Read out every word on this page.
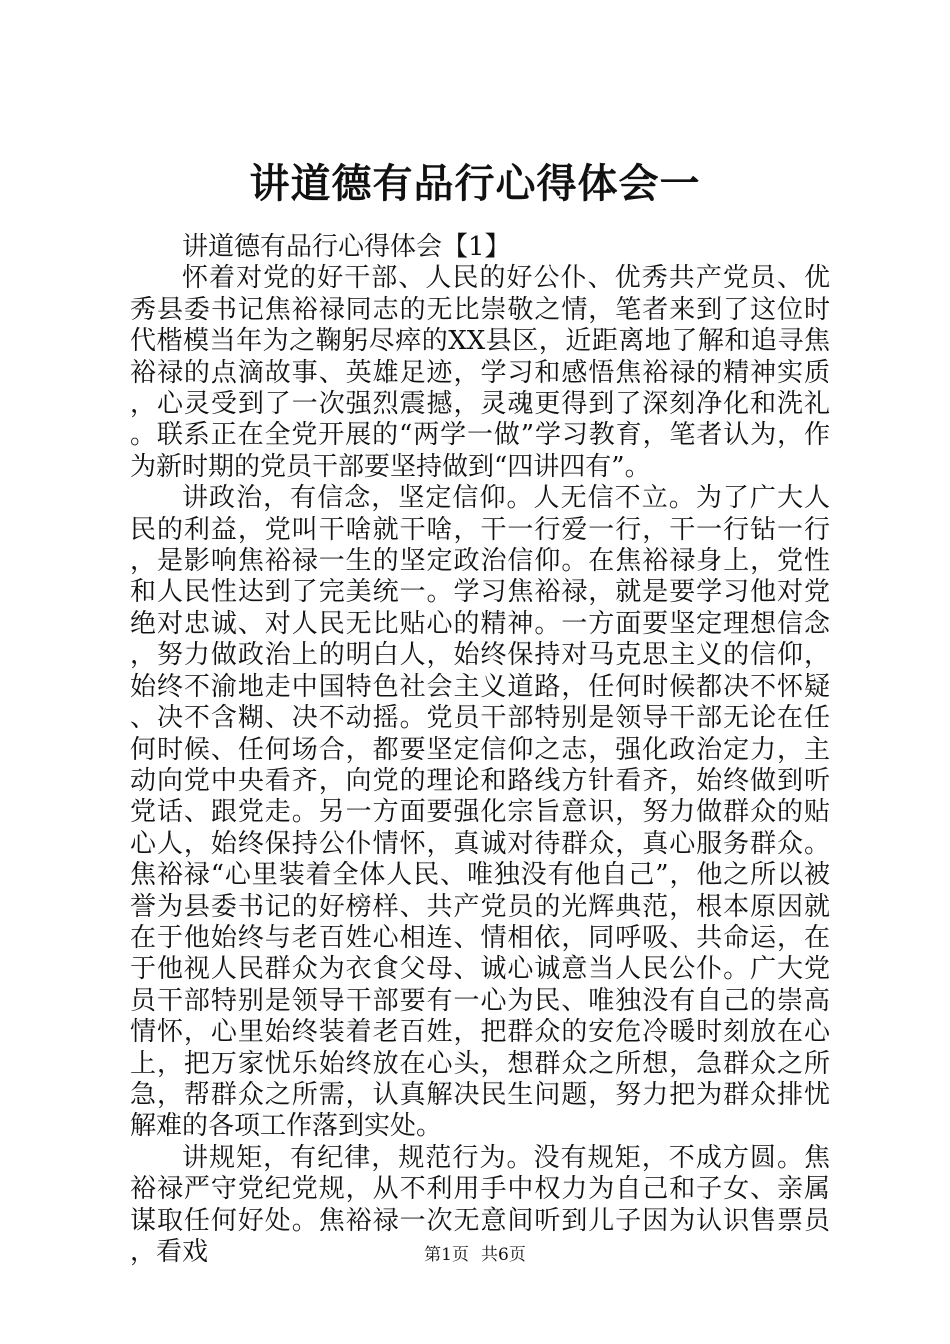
讲道德有品行心得体会一

讲道德有品行心得体会【1】

怀着对党的好干部、人民的好公仆、优秀共产党员、优秀县委书记焦裕禄同志的无比崇敬之情，笔者来到了这位时代楷模当年为之鞠躬尽瘁的XX县区，近距离地了解和追寻焦裕禄的点滴故事、英雄足迹，学习和感悟焦裕禄的精神实质，心灵受到了一次强烈震撼，灵魂更得到了深刻净化和洗礼。联系正在全党开展的“两学一做”学习教育，笔者认为，作为新时期的党员干部要坚持做到“四讲四有”。

讲政治，有信念，坚定信仰。人无信不立。为了广大人民的利益，党叫干啥就干啥，干一行爱一行，干一行钻一行，是影响焦裕禄一生的坚定政治信仰。在焦裕禄身上，党性和人民性达到了完美统一。学习焦裕禄，就是要学习他对党绝对忠诚、对人民无比贴心的精神。一方面要坚定理想信念，努力做政治上的明白人，始终保持对马克思主义的信仰，始终不渝地走中国特色社会主义道路，任何时候都决不怀疑、决不含糊、决不动摇。党员干部特别是领导干部无论在任何时候、任何场合，都要坚定信仰之志，强化政治定力，主动向党中央看齐，向党的理论和路线方针看齐，始终做到听党话、跟党走。另一方面要强化宗旨意识，努力做群众的贴心人，始终保持公仆情怀，真诚对待群众，真心服务群众。焦裕禄“心里装着全体人民、唯独没有他自己”，他之所以被誉为县委书记的好榜样、共产党员的光辉典范，根本原因就在于他始终与老百姓心相连、情相依，同呼吸、共命运，在于他视人民群众为衣食父母、诚心诚意当人民公仆。广大党员干部特别是领导干部要有一心为民、唯独没有自己的崇高情怀，心里始终装着老百姓，把群众的安危冷暖时刻放在心上，把万家忧乐始终放在心头，想群众之所想，急群众之所急，帮群众之所需，认真解决民生问题，努力把为群众排忧解难的各项工作落到实处。

讲规矩，有纪律，规范行为。没有规矩，不成方圆。焦裕禄严守党纪党规，从不利用手中权力为自己和子女、亲属谋取任何好处。焦裕禄一次无意间听到儿子因为认识售票员，看戏	第1页 共6页
